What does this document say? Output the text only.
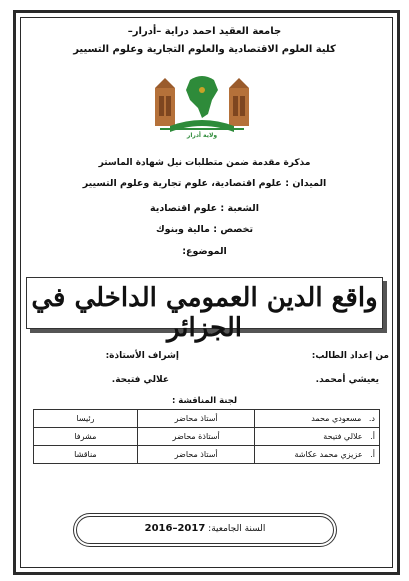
جامعة العقيد احمد دراية –أدرار–
كلية العلوم الاقتصادية والعلوم التجارية وعلوم التسيير
ولاية أدرار
مذكرة مقدمة ضمن متطلبات نيل شهادة الماستر
الميدان : علوم اقتصادية، علوم تجارية وعلوم التسيير
الشعبة : علوم اقتصادية
تخصص : مالية وبنوك
الموضوع:
واقع الدين العمومي الداخلي في الجزائر
من إعداد الطالب:
إشراف الأستاذة:
يعيشي أمحمد.
علالي فتيحة.
لجنة المناقشة :
د.   مسعودي محمد	أستاذ محاضر	رئيسا
أ.   علالي فتيحة	أستاذة محاضر	مشرفا
أ.   عزيزي محمد عكاشة	أستاذ محاضر	مناقشا
السنة الجامعية: 2017–2016
